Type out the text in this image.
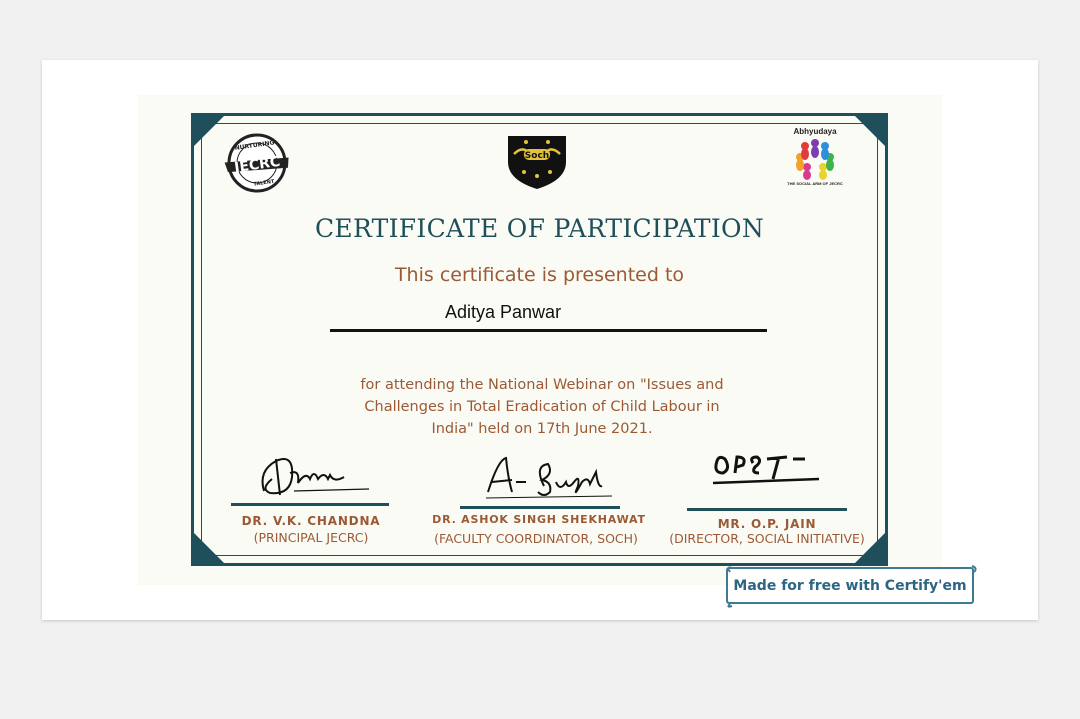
JECRC
NURTURING
TALENT
Soch
Abhyudaya
THE SOCIAL ARM OF JECRC
CERTIFICATE OF PARTICIPATION
This certificate is presented to
Aditya Panwar
for attending the National Webinar on "Issues and
Challenges in Total Eradication of Child Labour in
India" held on 17th June 2021.
DR. V.K. CHANDNA
(PRINCIPAL JECRC)
DR. ASHOK SINGH SHEKHAWAT
(FACULTY COORDINATOR, SOCH)
MR. O.P. JAIN
(DIRECTOR, SOCIAL INITIATIVE)
Made for free with Certify'em
